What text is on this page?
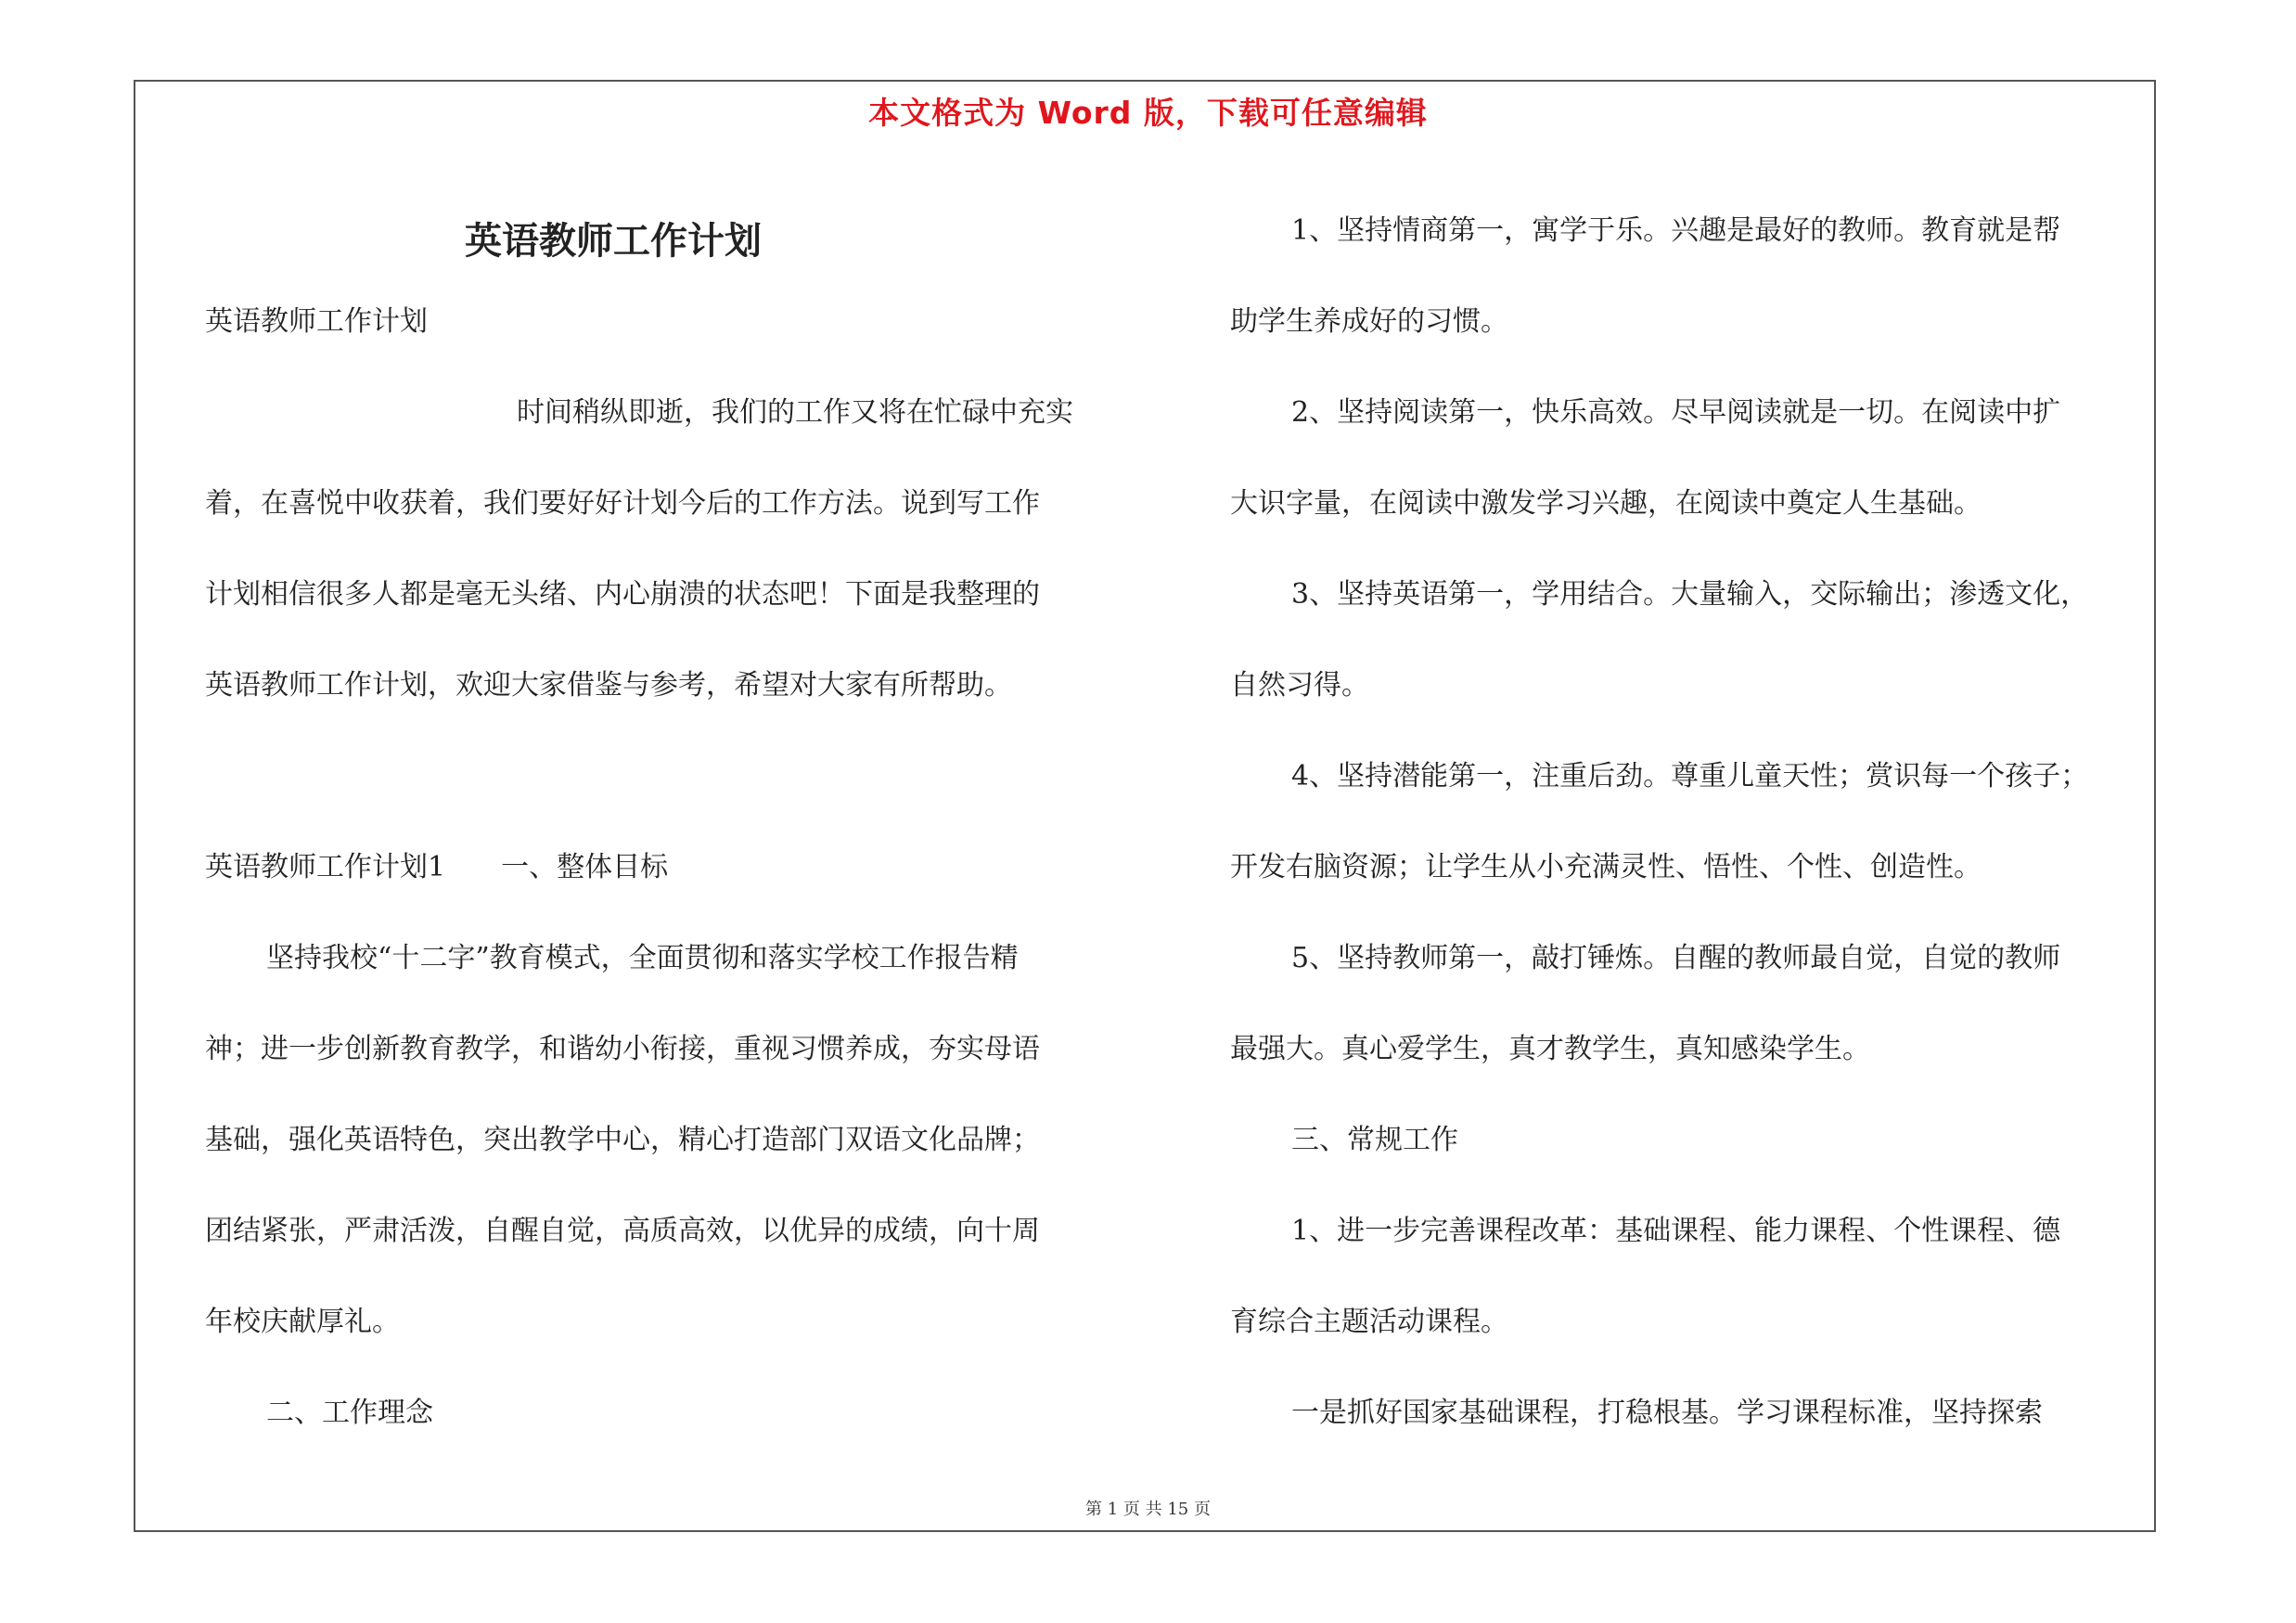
本文格式为 Word 版，下载可任意编辑
英语教师工作计划

英语教师工作计划

时间稍纵即逝，我们的工作又将在忙碌中充实

着，在喜悦中收获着，我们要好好计划今后的工作方法。说到写工作

计划相信很多人都是毫无头绪、内心崩溃的状态吧！下面是我整理的

英语教师工作计划，欢迎大家借鉴与参考，希望对大家有所帮助。

英语教师工作计划1　　一、整体目标

坚持我校“十二字”教育模式，全面贯彻和落实学校工作报告精

神；进一步创新教育教学，和谐幼小衔接，重视习惯养成，夯实母语

基础，强化英语特色，突出教学中心，精心打造部门双语文化品牌；

团结紧张，严肃活泼，自醒自觉，高质高效，以优异的成绩，向十周

年校庆献厚礼。

二、工作理念

1、坚持情商第一，寓学于乐。兴趣是最好的教师。教育就是帮

助学生养成好的习惯。

2、坚持阅读第一，快乐高效。尽早阅读就是一切。在阅读中扩

大识字量，在阅读中激发学习兴趣，在阅读中奠定人生基础。

3、坚持英语第一，学用结合。大量输入，交际输出；渗透文化，

自然习得。

4、坚持潜能第一，注重后劲。尊重儿童天性；赏识每一个孩子；

开发右脑资源；让学生从小充满灵性、悟性、个性、创造性。

5、坚持教师第一，敲打锤炼。自醒的教师最自觉，自觉的教师

最强大。真心爱学生，真才教学生，真知感染学生。

三、常规工作

1、进一步完善课程改革：基础课程、能力课程、个性课程、德

育综合主题活动课程。

一是抓好国家基础课程，打稳根基。学习课程标准，坚持探索

第 1 页 共 15 页
